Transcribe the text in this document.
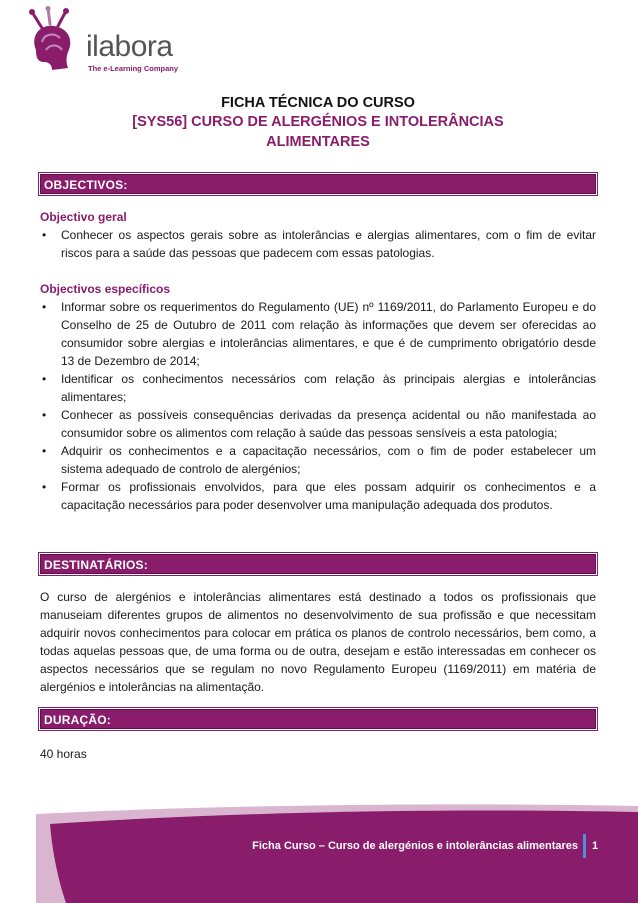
ilabora
The e-Learning Company
FICHA TÉCNICA DO CURSO
[SYS56] CURSO DE ALERGÉNIOS E INTOLERÂNCIAS ALIMENTARES
OBJECTIVOS:
Objectivo geral
• Conhecer os aspectos gerais sobre as intolerâncias e alergias alimentares, com o fim de evitar riscos para a saúde das pessoas que padecem com essas patologias.
Objectivos específicos
• Informar sobre os requerimentos do Regulamento (UE) nº 1169/2011, do Parlamento Europeu e do Conselho de 25 de Outubro de 2011 com relação às informações que devem ser oferecidas ao consumidor sobre alergias e intolerâncias alimentares, e que é de cumprimento obrigatório desde 13 de Dezembro de 2014;
• Identificar os conhecimentos necessários com relação às principais alergias e intolerâncias alimentares;
• Conhecer as possíveis consequências derivadas da presença acidental ou não manifestada ao consumidor sobre os alimentos com relação à saúde das pessoas sensíveis a esta patologia;
• Adquirir os conhecimentos e a capacitação necessários, com o fim de poder estabelecer um sistema adequado de controlo de alergénios;
• Formar os profissionais envolvidos, para que eles possam adquirir os conhecimentos e a capacitação necessários para poder desenvolver uma manipulação adequada dos produtos.
DESTINATÁRIOS:
O curso de alergénios e intolerâncias alimentares está destinado a todos os profissionais que manuseiam diferentes grupos de alimentos no desenvolvimento de sua profissão e que necessitam adquirir novos conhecimentos para colocar em prática os planos de controlo necessários, bem como, a todas aquelas pessoas que, de uma forma ou de outra, desejam e estão interessadas em conhecer os aspectos necessários que se regulam no novo Regulamento Europeu (1169/2011) em matéria de alergénios e intolerâncias na alimentação.
DURAÇÃO:
40 horas
Ficha Curso – Curso de alergénios e intolerâncias alimentares 1
